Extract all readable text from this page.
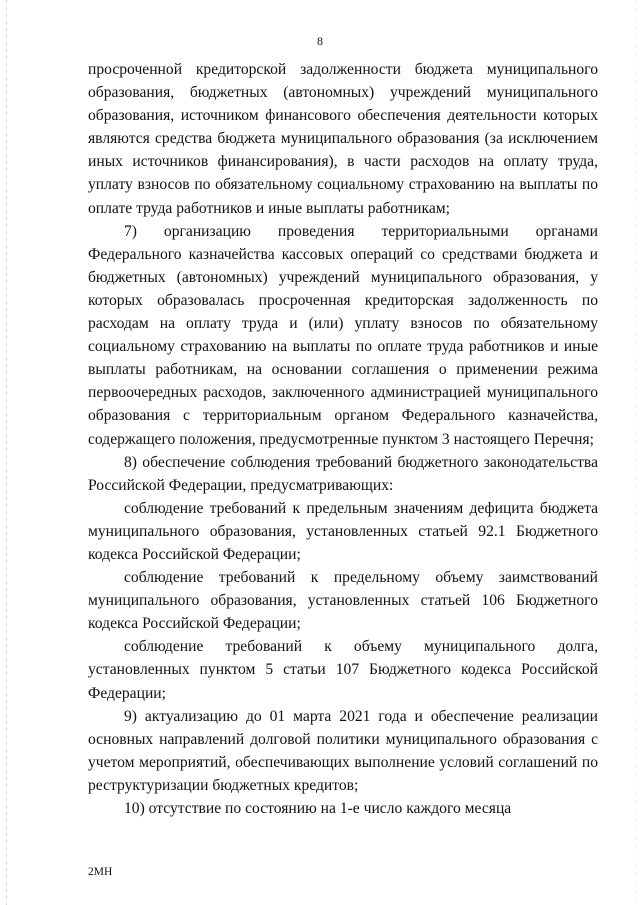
8

просроченной кредиторской задолженности бюджета муниципального образования, бюджетных (автономных) учреждений муниципального образования, источником финансового обеспечения деятельности которых являются средства бюджета муниципального образования (за исключением иных источников финансирования), в части расходов на оплату труда, уплату взносов по обязательному социальному страхованию на выплаты по оплате труда работников и иные выплаты работникам;

7) организацию проведения территориальными органами Федерального казначейства кассовых операций со средствами бюджета и бюджетных (автономных) учреждений муниципального образования, у которых образовалась просроченная кредиторская задолженность по расходам на оплату труда и (или) уплату взносов по обязательному социальному страхованию на выплаты по оплате труда работников и иные выплаты работникам, на основании соглашения о применении режима первоочередных расходов, заключенного администрацией муниципального образования с территориальным органом Федерального казначейства, содержащего положения, предусмотренные пунктом 3 настоящего Перечня;

8) обеспечение соблюдения требований бюджетного законодательства Российской Федерации, предусматривающих:

соблюдение требований к предельным значениям дефицита бюджета муниципального образования, установленных статьей 92.1 Бюджетного кодекса Российской Федерации;

соблюдение требований к предельному объему заимствований муниципального образования, установленных статьей 106 Бюджетного кодекса Российской Федерации;

соблюдение требований к объему муниципального долга, установленных пунктом 5 статьи 107 Бюджетного кодекса Российской Федерации;

9) актуализацию до 01 марта 2021 года и обеспечение реализации основных направлений долговой политики муниципального образования с учетом мероприятий, обеспечивающих выполнение условий соглашений по реструктуризации бюджетных кредитов;

10) отсутствие по состоянию на 1-е число каждого месяца

2МН
